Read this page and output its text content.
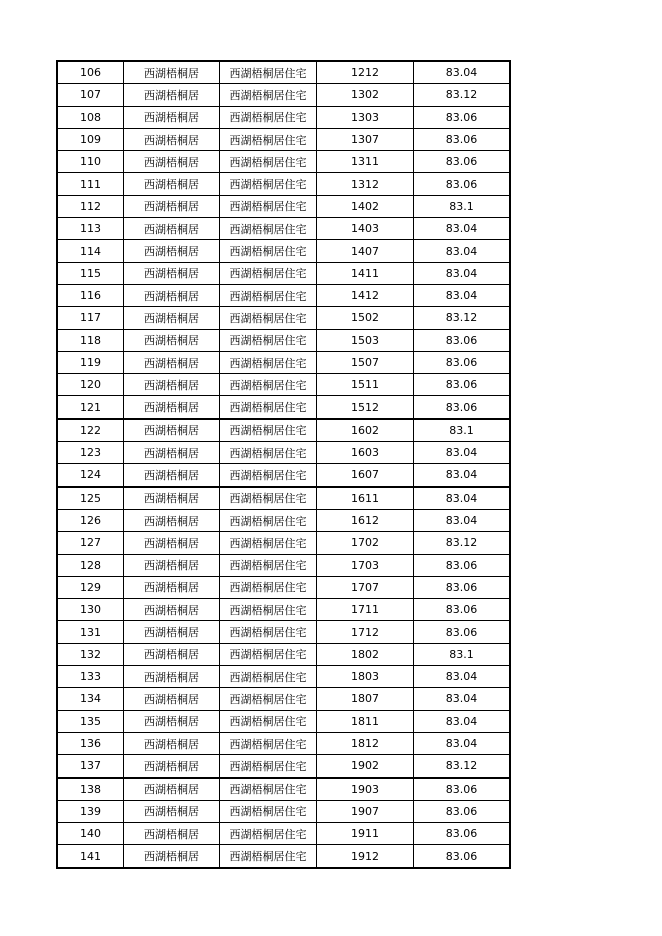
106	西湖梧桐居	西湖梧桐居住宅	1212	83.04
107	西湖梧桐居	西湖梧桐居住宅	1302	83.12
108	西湖梧桐居	西湖梧桐居住宅	1303	83.06
109	西湖梧桐居	西湖梧桐居住宅	1307	83.06
110	西湖梧桐居	西湖梧桐居住宅	1311	83.06
111	西湖梧桐居	西湖梧桐居住宅	1312	83.06
112	西湖梧桐居	西湖梧桐居住宅	1402	83.1
113	西湖梧桐居	西湖梧桐居住宅	1403	83.04
114	西湖梧桐居	西湖梧桐居住宅	1407	83.04
115	西湖梧桐居	西湖梧桐居住宅	1411	83.04
116	西湖梧桐居	西湖梧桐居住宅	1412	83.04
117	西湖梧桐居	西湖梧桐居住宅	1502	83.12
118	西湖梧桐居	西湖梧桐居住宅	1503	83.06
119	西湖梧桐居	西湖梧桐居住宅	1507	83.06
120	西湖梧桐居	西湖梧桐居住宅	1511	83.06
121	西湖梧桐居	西湖梧桐居住宅	1512	83.06
122	西湖梧桐居	西湖梧桐居住宅	1602	83.1
123	西湖梧桐居	西湖梧桐居住宅	1603	83.04
124	西湖梧桐居	西湖梧桐居住宅	1607	83.04
125	西湖梧桐居	西湖梧桐居住宅	1611	83.04
126	西湖梧桐居	西湖梧桐居住宅	1612	83.04
127	西湖梧桐居	西湖梧桐居住宅	1702	83.12
128	西湖梧桐居	西湖梧桐居住宅	1703	83.06
129	西湖梧桐居	西湖梧桐居住宅	1707	83.06
130	西湖梧桐居	西湖梧桐居住宅	1711	83.06
131	西湖梧桐居	西湖梧桐居住宅	1712	83.06
132	西湖梧桐居	西湖梧桐居住宅	1802	83.1
133	西湖梧桐居	西湖梧桐居住宅	1803	83.04
134	西湖梧桐居	西湖梧桐居住宅	1807	83.04
135	西湖梧桐居	西湖梧桐居住宅	1811	83.04
136	西湖梧桐居	西湖梧桐居住宅	1812	83.04
137	西湖梧桐居	西湖梧桐居住宅	1902	83.12
138	西湖梧桐居	西湖梧桐居住宅	1903	83.06
139	西湖梧桐居	西湖梧桐居住宅	1907	83.06
140	西湖梧桐居	西湖梧桐居住宅	1911	83.06
141	西湖梧桐居	西湖梧桐居住宅	1912	83.06
